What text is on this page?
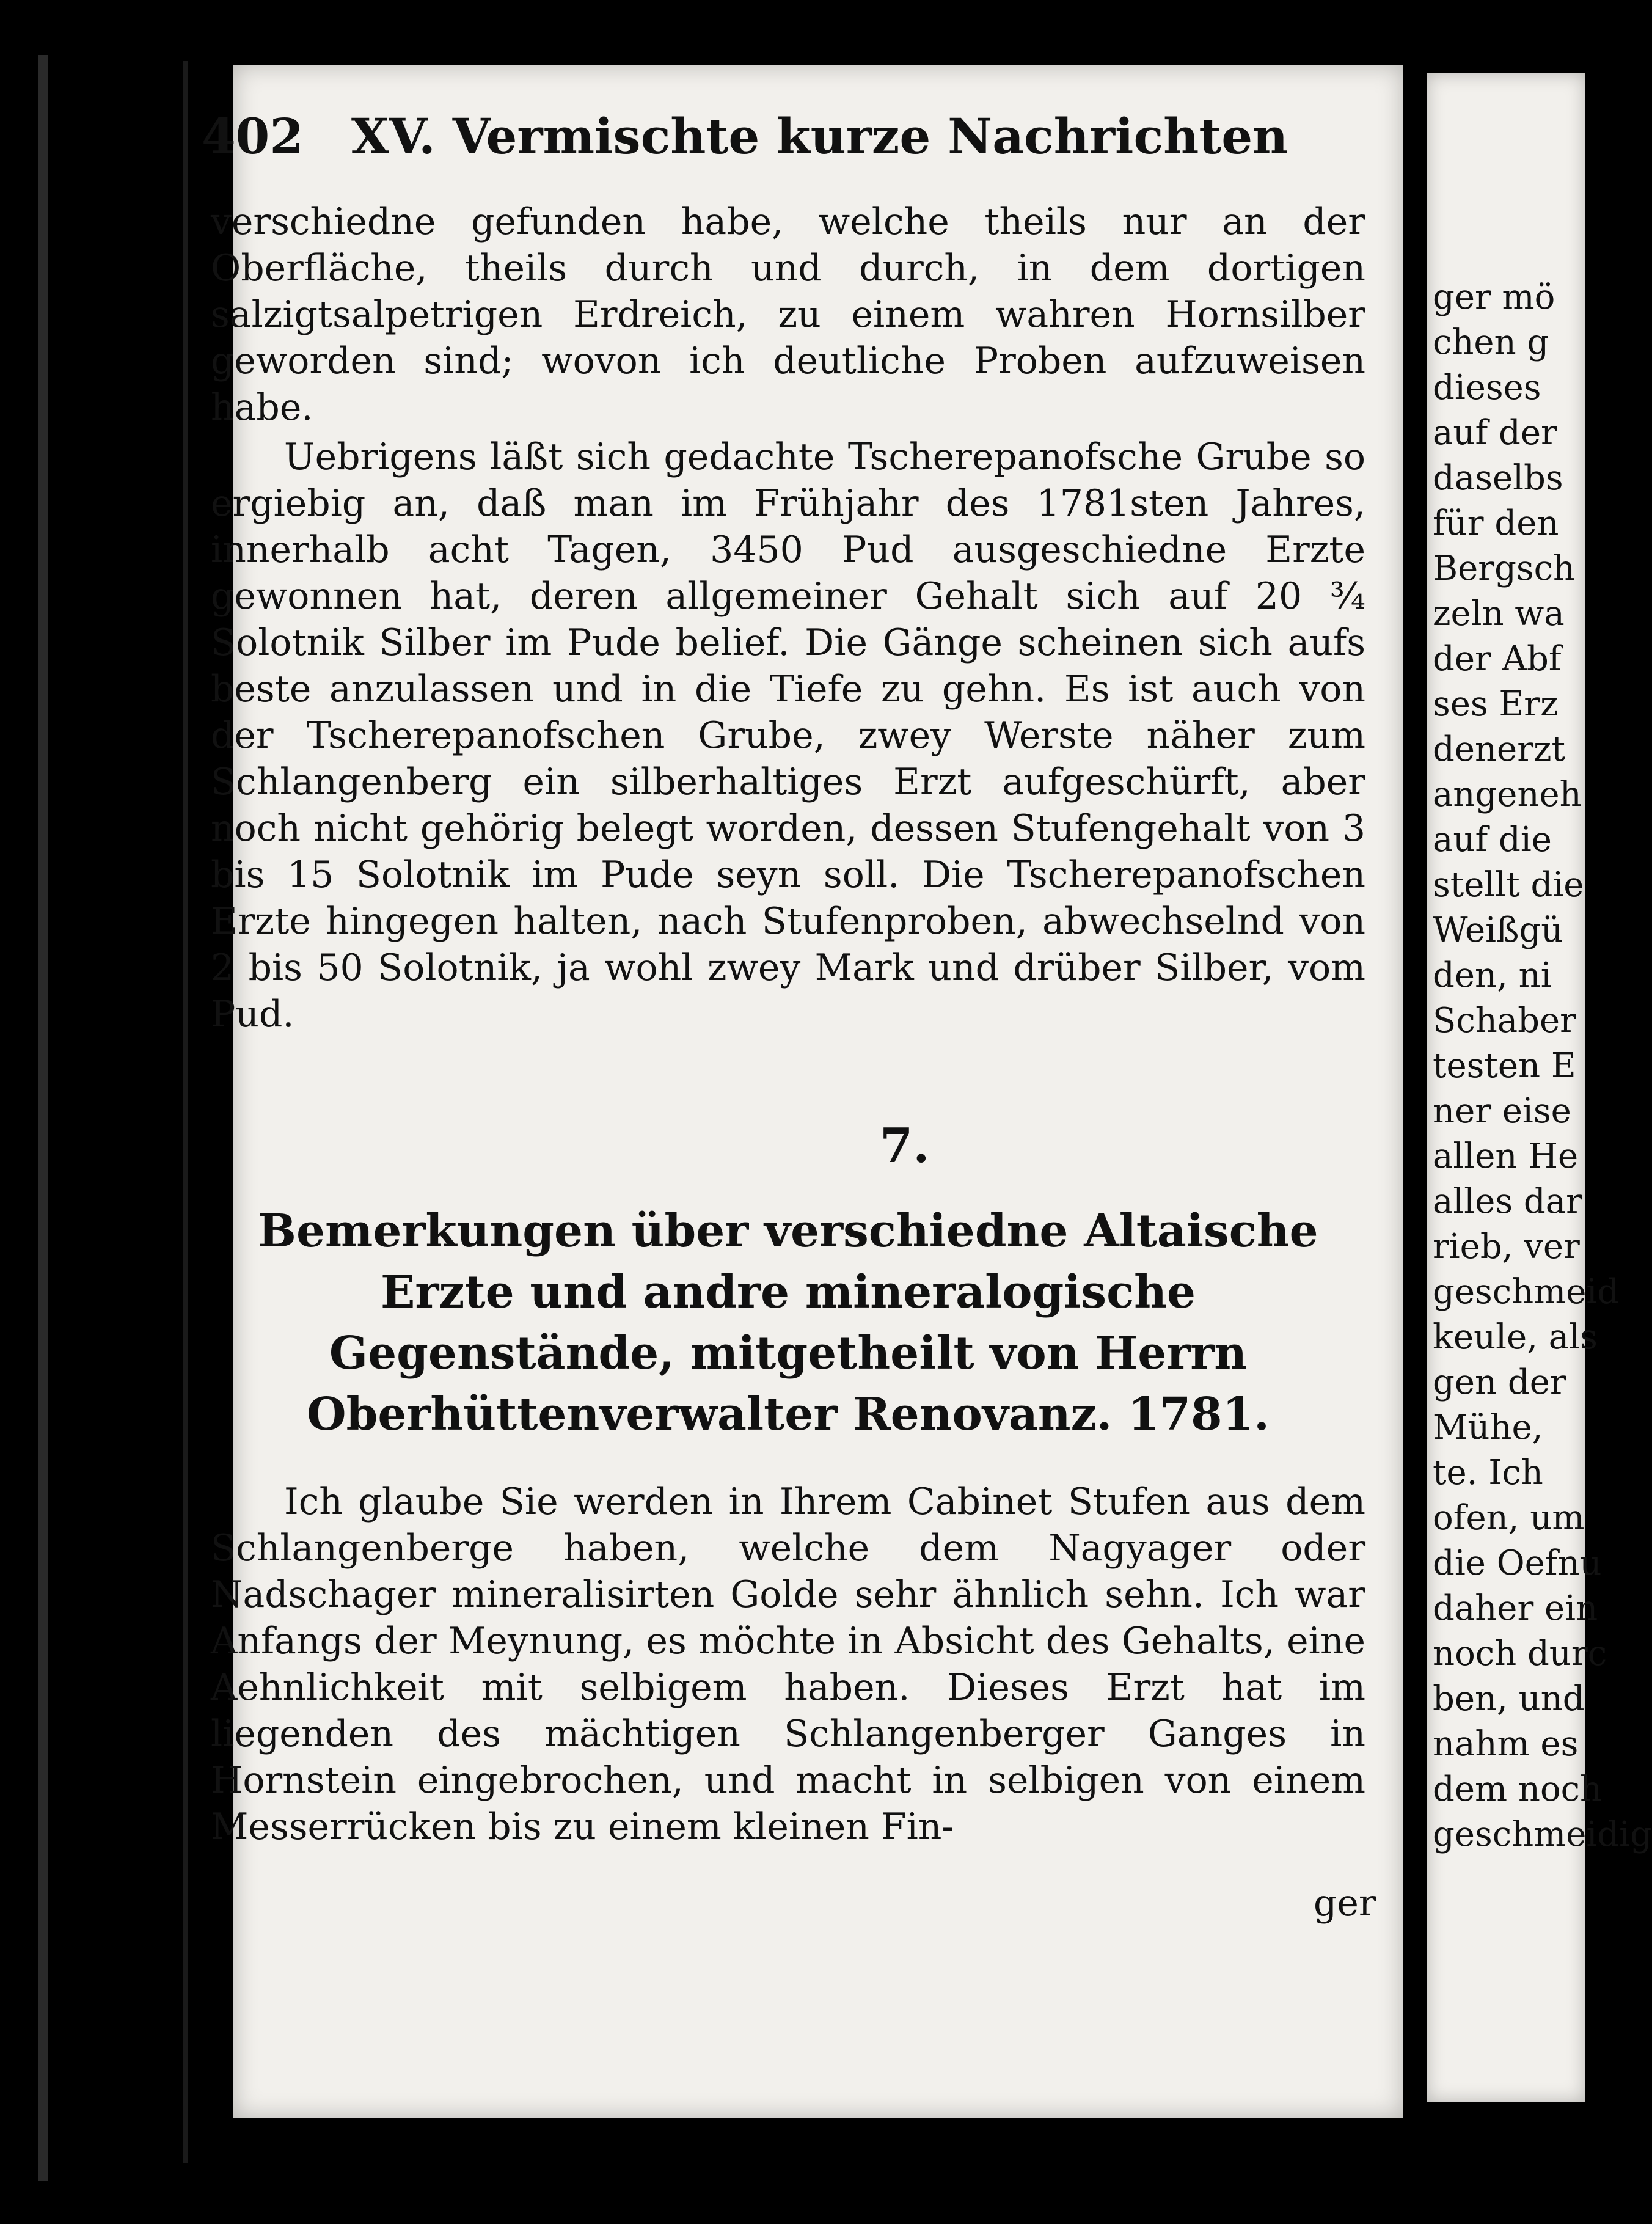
402 XV. Vermischte kurze Nachrichten

verschiedne gefunden habe, welche theils nur an der Oberfläche, theils durch und durch, in dem dortigen salzigtsalpetrigen Erdreich, zu einem wahren Hornsilber geworden sind; wovon ich deutliche Proben aufzuweisen habe.

Uebrigens läßt sich gedachte Tscherepanofsche Grube so ergiebig an, daß man im Frühjahr des 1781sten Jahres, innerhalb acht Tagen, 3450 Pud ausgeschiedne Erzte gewonnen hat, deren allgemeiner Gehalt sich auf 20 ¾ Solotnik Silber im Pude belief. Die Gänge scheinen sich aufs beste anzulassen und in die Tiefe zu gehn. Es ist auch von der Tscherepanofschen Grube, zwey Werste näher zum Schlangenberg ein silberhaltiges Erzt aufgeschürft, aber noch nicht gehörig belegt worden, dessen Stufengehalt von 3 bis 15 Solotnik im Pude seyn soll. Die Tscherepanofschen Erzte hingegen halten, nach Stufenproben, abwechselnd von 2 bis 50 Solotnik, ja wohl zwey Mark und drüber Silber, vom Pud.

7.
Bemerkungen über verschiedne Altaische Erzte und andre mineralogische Gegenstände, mitgetheilt von Herrn Oberhüttenverwalter Renovanz. 1781.

Ich glaube Sie werden in Ihrem Cabinet Stufen aus dem Schlangenberge haben, welche dem Nagyager oder Nadschager mineralisirten Golde sehr ähnlich sehn. Ich war Anfangs der Meynung, es möchte in Absicht des Gehalts, eine Aehnlichkeit mit selbigem haben. Dieses Erzt hat im liegenden des mächtigen Schlangenberger Ganges in Hornstein eingebrochen, und macht in selbigen von einem Messerrücken bis zu einem kleinen Fin-

ger

ger mö
chen g
dieses
auf der
daselbs
für den
Bergsch
zeln wa
der Abf
ses Erz
denerzt
angeneh
auf die
stellt die
Weißgü
den, ni
Schaber
testen E
ner eise
allen He
alles dar
rieb, ver
geschmeid
keule, als
gen der
Mühe,
te. Ich
ofen, um
die Oefnu
daher ein
noch durc
ben, und
nahm es
dem noch
geschmeidig
